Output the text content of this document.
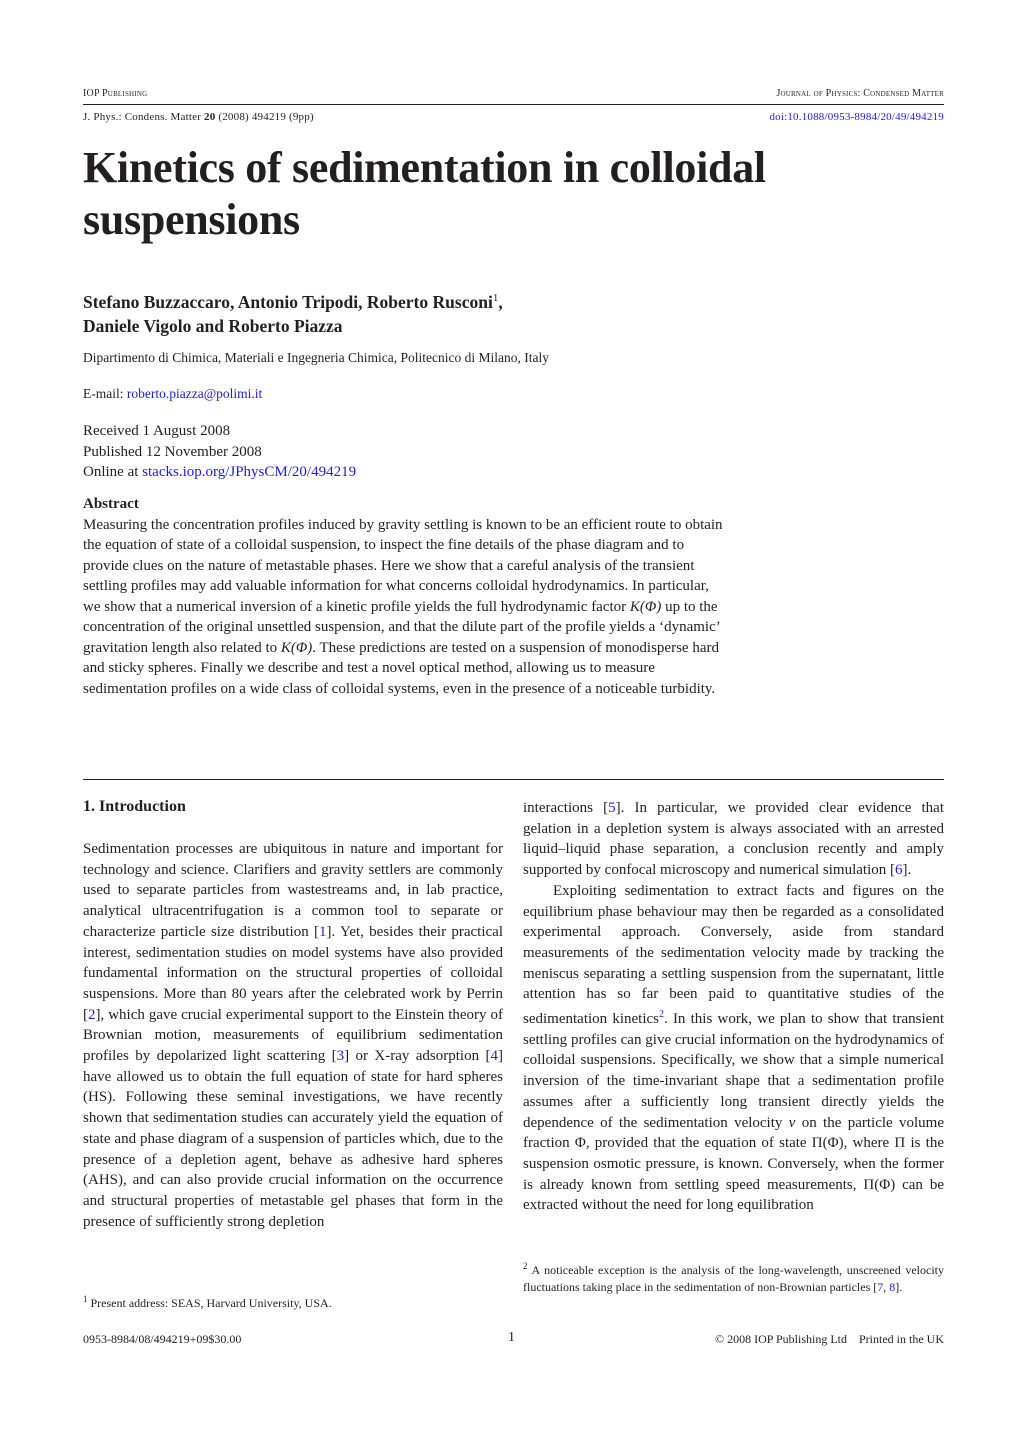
IOP Publishing	Journal of Physics: Condensed Matter
J. Phys.: Condens. Matter 20 (2008) 494219 (9pp)	doi:10.1088/0953-8984/20/49/494219
Kinetics of sedimentation in colloidal suspensions
Stefano Buzzaccaro, Antonio Tripodi, Roberto Rusconi$^1$,
Daniele Vigolo and Roberto Piazza
Dipartimento di Chimica, Materiali e Ingegneria Chimica, Politecnico di Milano, Italy
E-mail: roberto.piazza@polimi.it
Received 1 August 2008
Published 12 November 2008
Online at stacks.iop.org/JPhysCM/20/494219
Abstract
Measuring the concentration profiles induced by gravity settling is known to be an efficient route to obtain the equation of state of a colloidal suspension, to inspect the fine details of the phase diagram and to provide clues on the nature of metastable phases. Here we show that a careful analysis of the transient settling profiles may add valuable information for what concerns colloidal hydrodynamics. In particular, we show that a numerical inversion of a kinetic profile yields the full hydrodynamic factor K(Φ) up to the concentration of the original unsettled suspension, and that the dilute part of the profile yields a ‘dynamic’ gravitation length also related to K(Φ). These predictions are tested on a suspension of monodisperse hard and sticky spheres. Finally we describe and test a novel optical method, allowing us to measure sedimentation profiles on a wide class of colloidal systems, even in the presence of a noticeable turbidity.
1. Introduction

Sedimentation processes are ubiquitous in nature and important for technology and science. Clarifiers and gravity settlers are commonly used to separate particles from wastestreams and, in lab practice, analytical ultracentrifugation is a common tool to separate or characterize particle size distribution [1]. Yet, besides their practical interest, sedimentation studies on model systems have also provided fundamental information on the structural properties of colloidal suspensions. More than 80 years after the celebrated work by Perrin [2], which gave crucial experimental support to the Einstein theory of Brownian motion, measurements of equilibrium sedimentation profiles by depolarized light scattering [3] or X-ray adsorption [4] have allowed us to obtain the full equation of state for hard spheres (HS). Following these seminal investigations, we have recently shown that sedimentation studies can accurately yield the equation of state and phase diagram of a suspension of particles which, due to the presence of a depletion agent, behave as adhesive hard spheres (AHS), and can also provide crucial information on the occurrence and structural properties of metastable gel phases that form in the presence of sufficiently strong depletion

$^1$ Present address: SEAS, Harvard University, USA.

interactions [5]. In particular, we provided clear evidence that gelation in a depletion system is always associated with an arrested liquid–liquid phase separation, a conclusion recently and amply supported by confocal microscopy and numerical simulation [6].

Exploiting sedimentation to extract facts and figures on the equilibrium phase behaviour may then be regarded as a consolidated experimental approach. Conversely, aside from standard measurements of the sedimentation velocity made by tracking the meniscus separating a settling suspension from the supernatant, little attention has so far been paid to quantitative studies of the sedimentation kinetics$^2$. In this work, we plan to show that transient settling profiles can give crucial information on the hydrodynamics of colloidal suspensions. Specifically, we show that a simple numerical inversion of the time-invariant shape that a sedimentation profile assumes after a sufficiently long transient directly yields the dependence of the sedimentation velocity v on the particle volume fraction Φ, provided that the equation of state Π(Φ), where Π is the suspension osmotic pressure, is known. Conversely, when the former is already known from settling speed measurements, Π(Φ) can be extracted without the need for long equilibration

$^2$ A noticeable exception is the analysis of the long-wavelength, unscreened velocity fluctuations taking place in the sedimentation of non-Brownian particles [7, 8].
0953-8984/08/494219+09$30.00	1	© 2008 IOP Publishing Ltd    Printed in the UK
